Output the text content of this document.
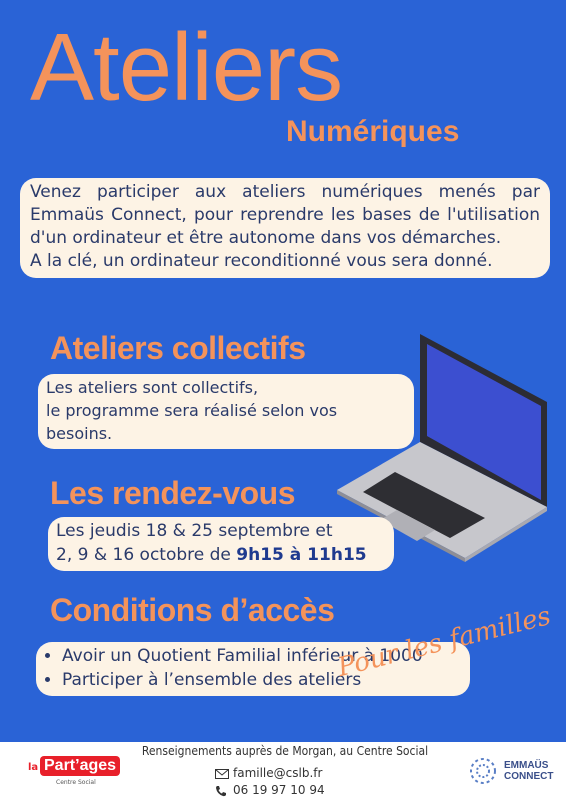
Ateliers
Numériques
Venez participer aux ateliers numériques menés par Emmaüs Connect, pour reprendre les bases de l'utilisation d'un ordinateur et être autonome dans vos démarches.
A la clé, un ordinateur reconditionné vous sera donné.
Ateliers collectifs
Les ateliers sont collectifs,
le programme sera réalisé selon vos besoins.
Les rendez-vous
Les jeudis 18 & 25 septembre et
2, 9 & 16 octobre de 9h15 à 11h15
Conditions d’accès
• Avoir un Quotient Familial inférieur à 1000
• Participer à l’ensemble des ateliers
Pour les familles
la Part’ages
Centre Social
Renseignements auprès de Morgan, au Centre Social
famille@cslb.fr
06 19 97 10 94
EMMAÜS
CONNECT
